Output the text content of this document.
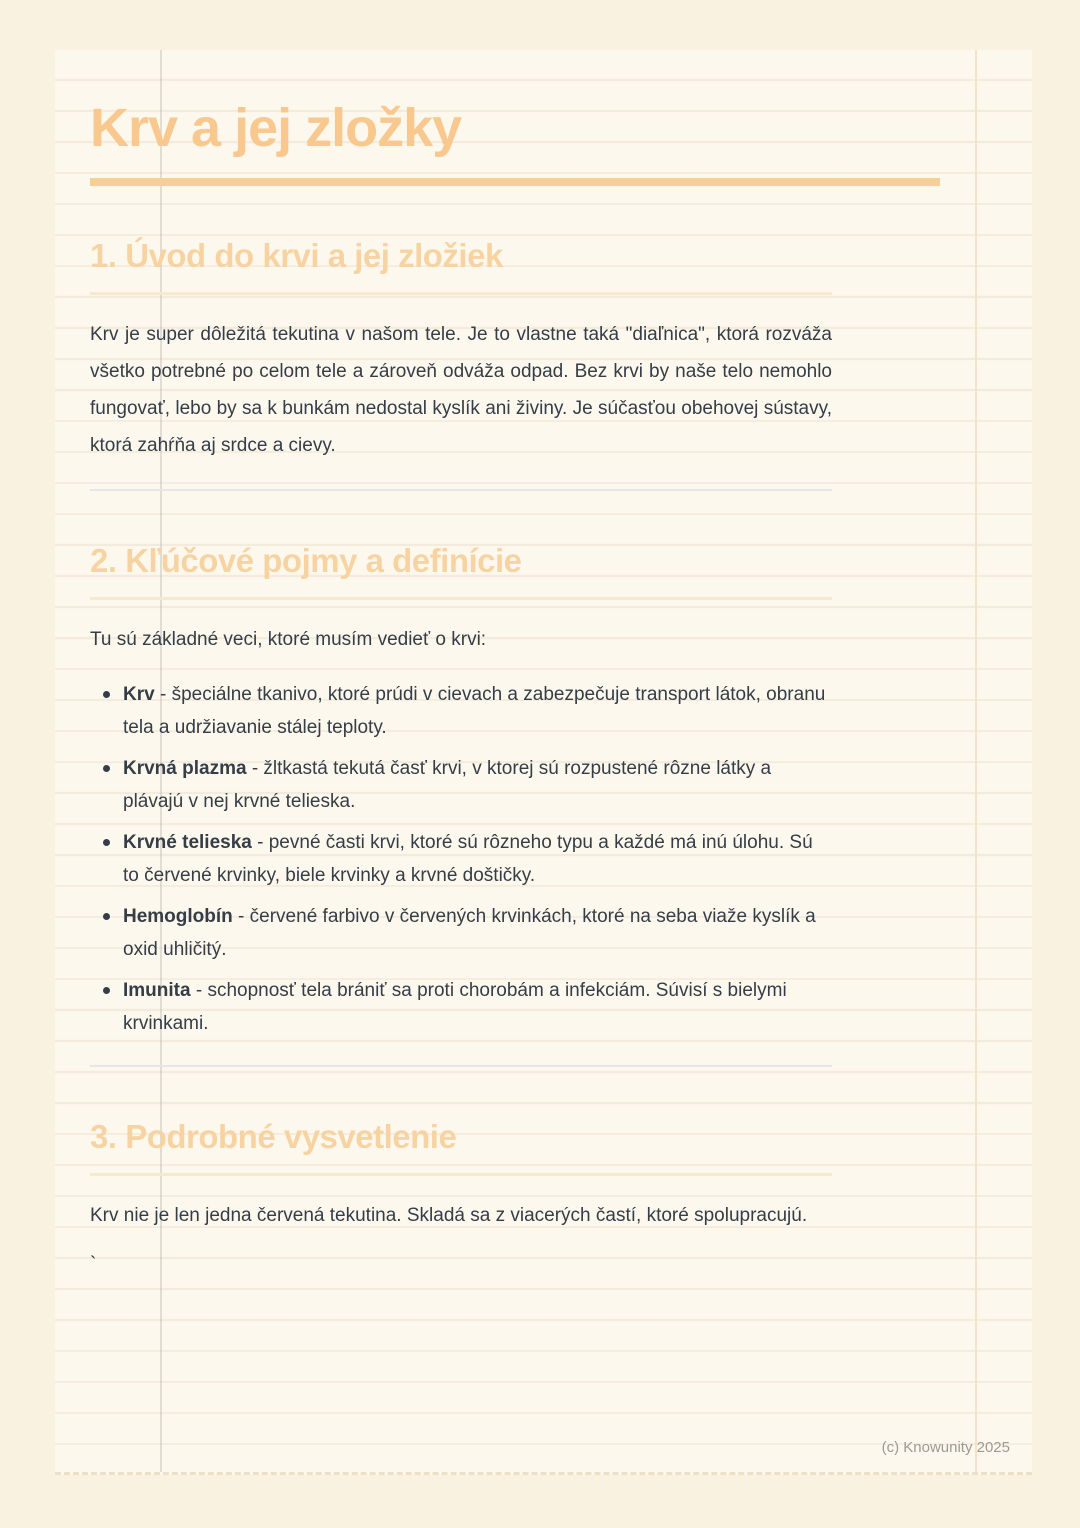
Krv a jej zložky
1. Úvod do krvi a jej zložiek

Krv je super dôležitá tekutina v našom tele. Je to vlastne taká "diaľnica", ktorá rozváža všetko potrebné po celom tele a zároveň odváža odpad. Bez krvi by naše telo nemohlo fungovať, lebo by sa k bunkám nedostal kyslík ani živiny. Je súčasťou obehovej sústavy, ktorá zahŕňa aj srdce a cievy.

2. Kľúčové pojmy a definície

Tu sú základné veci, ktoré musím vedieť o krvi:

Krv - špeciálne tkanivo, ktoré prúdi v cievach a zabezpečuje transport látok, obranu tela a udržiavanie stálej teploty.
Krvná plazma - žltkastá tekutá časť krvi, v ktorej sú rozpustené rôzne látky a plávajú v nej krvné telieska.
Krvné telieska - pevné časti krvi, ktoré sú rôzneho typu a každé má inú úlohu. Sú to červené krvinky, biele krvinky a krvné doštičky.
Hemoglobín - červené farbivo v červených krvinkách, ktoré na seba viaže kyslík a oxid uhličitý.
Imunita - schopnosť tela brániť sa proti chorobám a infekciám. Súvisí s bielymi krvinkami.
3. Podrobné vysvetlenie

Krv nie je len jedna červená tekutina. Skladá sa z viacerých častí, ktoré spolupracujú.

`

(c) Knowunity 2025
